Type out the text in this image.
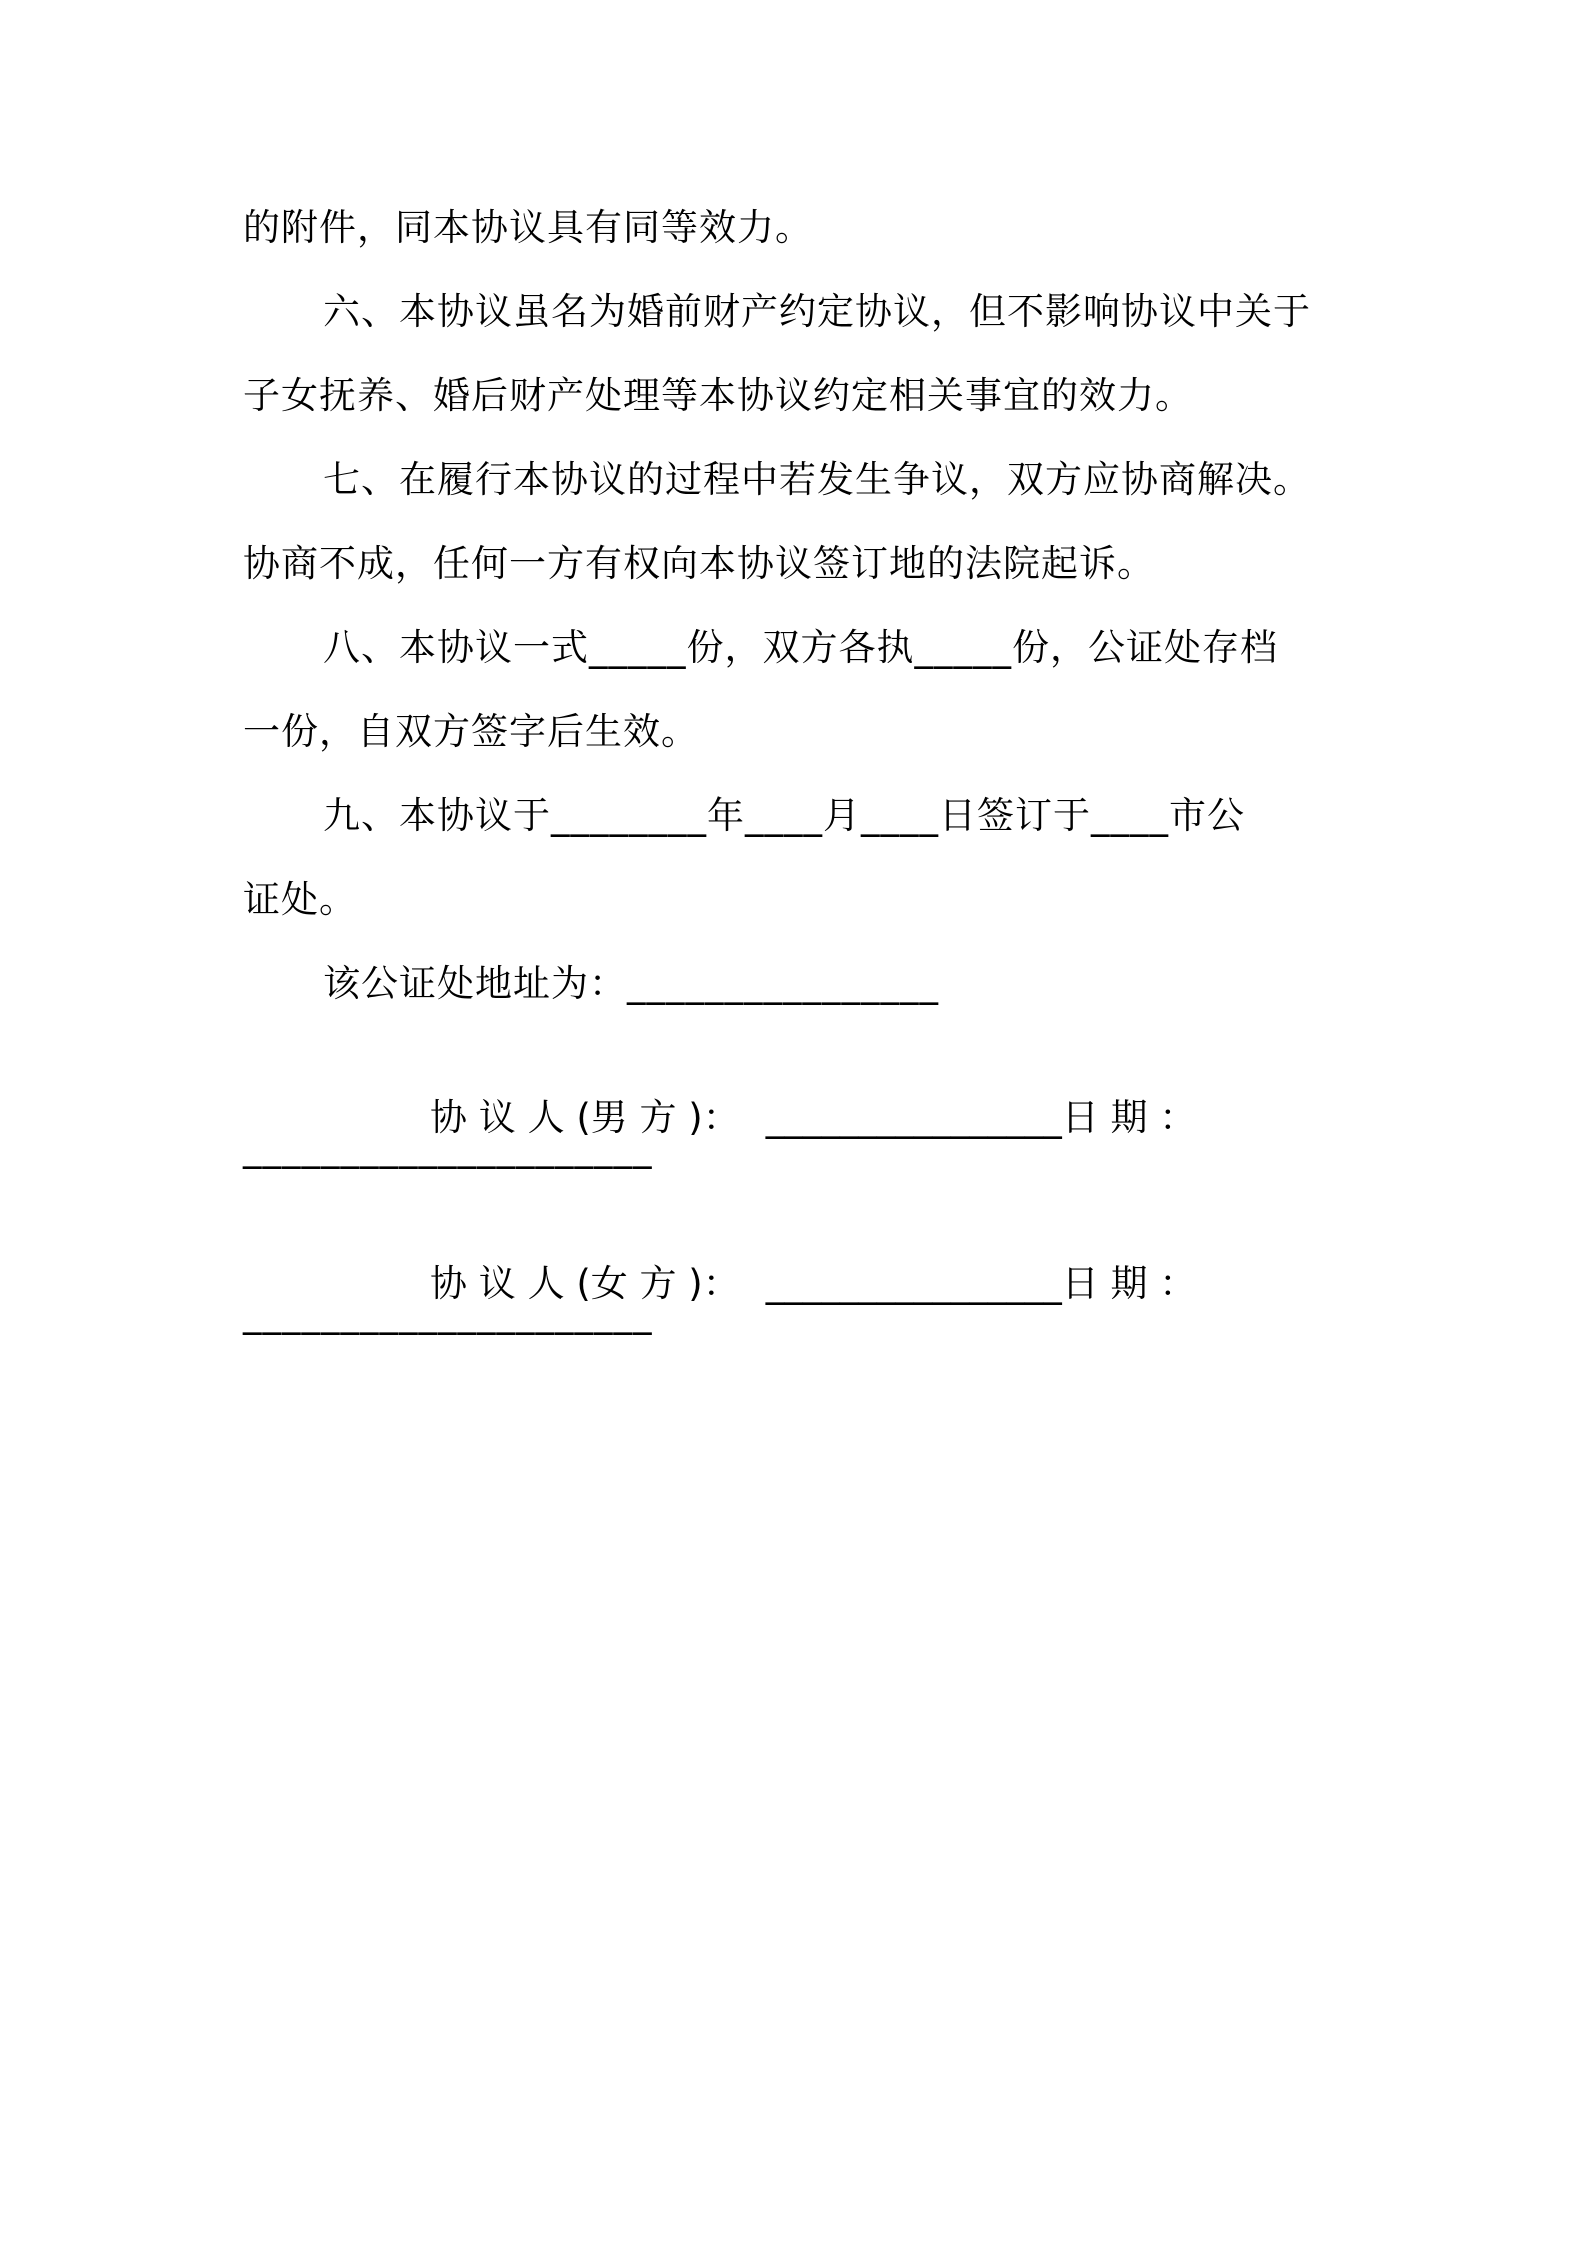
的附件，同本协议具有同等效力。
六、本协议虽名为婚前财产约定协议，但不影响协议中关于
子女抚养、婚后财产处理等本协议约定相关事宜的效力。
七、在履行本协议的过程中若发生争议，双方应协商解决。
协商不成，任何一方有权向本协议签订地的法院起诉。
八、本协议一式_____份，双方各执_____份，公证处存档
一份，自双方签字后生效。
九、本协议于________年____月____日签订于____市公
证处。
该公证处地址为：________________

协 议 人 (男 方 )： ________________日 期 ：

_____________________

协 议 人 (女 方 )： ________________日 期 ：

_____________________
